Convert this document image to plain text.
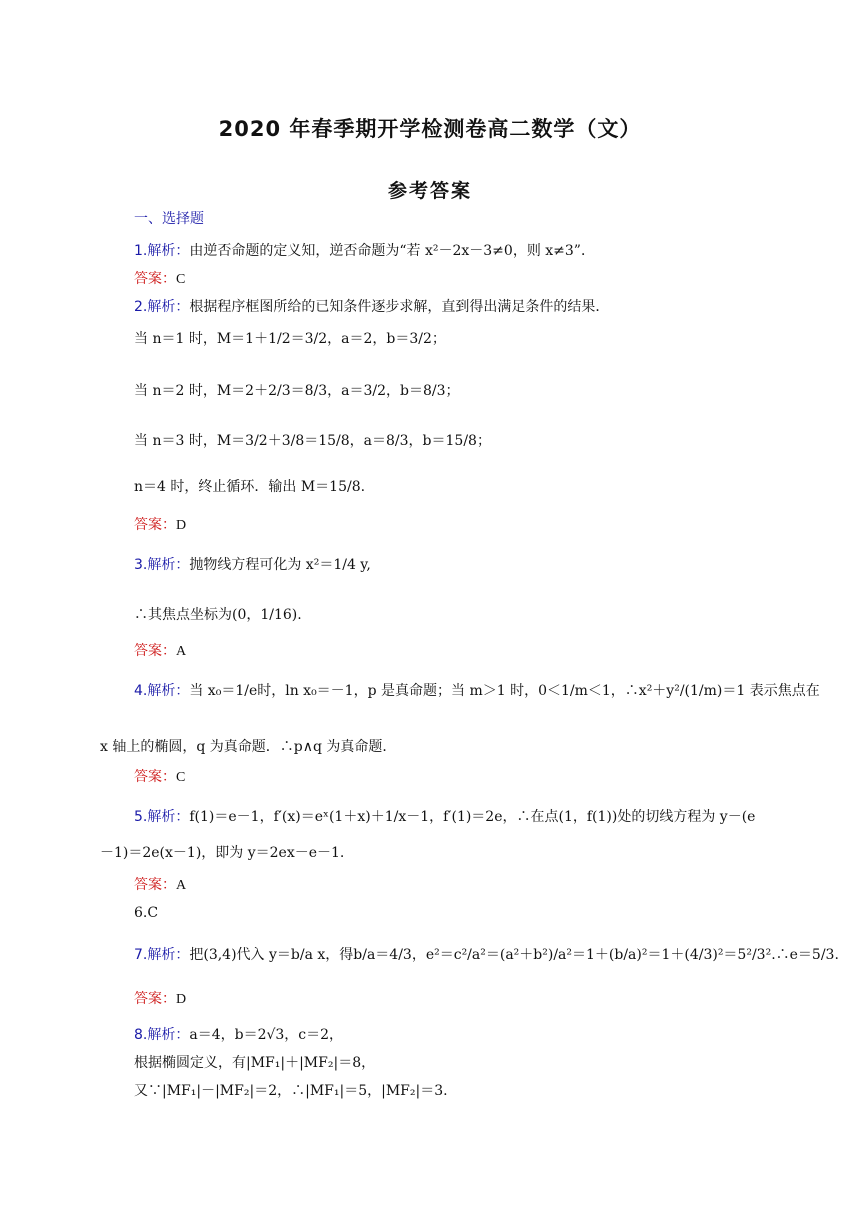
2020 年春季期开学检测卷高二数学（文）
参考答案
一、选择题
1.解析：由逆否命题的定义知，逆否命题为“若 x²－2x－3≠0，则 x≠3”．
答案：C
2.解析：根据程序框图所给的已知条件逐步求解，直到得出满足条件的结果．
当 n＝1 时，M＝1＋1/2＝3/2，a＝2，b＝3/2；
当 n＝2 时，M＝2＋2/3＝8/3，a＝3/2，b＝8/3；
当 n＝3 时，M＝3/2＋3/8＝15/8，a＝8/3，b＝15/8；
n＝4 时，终止循环．输出 M＝15/8.
答案：D
3.解析：抛物线方程可化为 x²＝1/4 y,
∴其焦点坐标为(0，1/16).
答案：A
4.解析：当 x₀＝1/e时，ln x₀＝－1，p 是真命题；当 m＞1 时，0＜1/m＜1，∴x²＋y²/(1/m)＝1 表示焦点在
x 轴上的椭圆，q 为真命题．∴p∧q 为真命题．
答案：C
5.解析：f(1)＝e－1，f′(x)＝eˣ(1＋x)＋1/x－1，f′(1)＝2e，∴在点(1，f(1))处的切线方程为 y－(e
－1)＝2e(x－1)，即为 y＝2ex－e－1.
答案：A
6.C
7.解析：把(3,4)代入 y＝b/a x，得b/a＝4/3，e²＝c²/a²＝(a²＋b²)/a²＝1＋(b/a)²＝1＋(4/3)²＝5²/3².∴e＝5/3.
答案：D
8.解析：a＝4，b＝2√3，c＝2，
根据椭圆定义，有|MF₁|＋|MF₂|＝8，
又∵|MF₁|－|MF₂|＝2，∴|MF₁|＝5，|MF₂|＝3.
